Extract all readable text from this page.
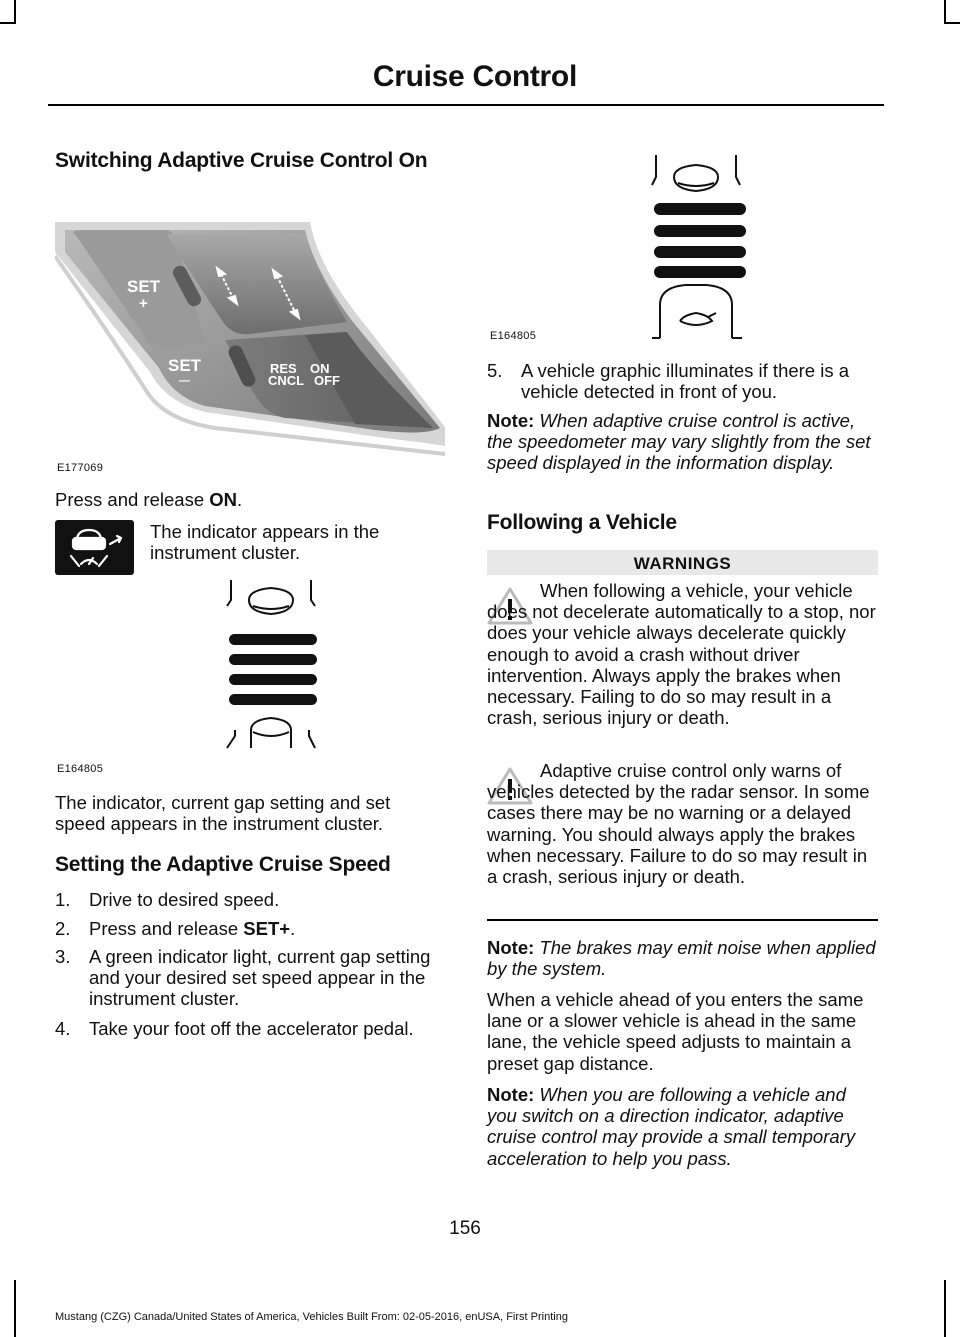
Cruise Control
Switching Adaptive Cruise Control On
SET
+
SET
—
RES
CNCL
ON
OFF
E177069

Press and release ON.

The indicator appears in the instrument cluster.

E164805

The indicator, current gap setting and set speed appears in the instrument cluster.

Setting the Adaptive Cruise Speed
1. Drive to desired speed.
2. Press and release SET+.
3. A green indicator light, current gap setting and your desired set speed appear in the instrument cluster.
4. Take your foot off the accelerator pedal.
E164805
5. A vehicle graphic illuminates if there is a vehicle detected in front of you.

Note: When adaptive cruise control is active, the speedometer may vary slightly from the set speed displayed in the information display.

Following a Vehicle
WARNINGS
When following a vehicle, your vehicle does not decelerate automatically to a stop, nor does your vehicle always decelerate quickly enough to avoid a crash without driver intervention. Always apply the brakes when necessary. Failing to do so may result in a crash, serious injury or death.
Adaptive cruise control only warns of vehicles detected by the radar sensor. In some cases there may be no warning or a delayed warning. You should always apply the brakes when necessary. Failure to do so may result in a crash, serious injury or death.

Note: The brakes may emit noise when applied by the system.

When a vehicle ahead of you enters the same lane or a slower vehicle is ahead in the same lane, the vehicle speed adjusts to maintain a preset gap distance.

Note: When you are following a vehicle and you switch on a direction indicator, adaptive cruise control may provide a small temporary acceleration to help you pass.

156
Mustang (CZG) Canada/United States of America, Vehicles Built From: 02-05-2016, enUSA, First Printing
